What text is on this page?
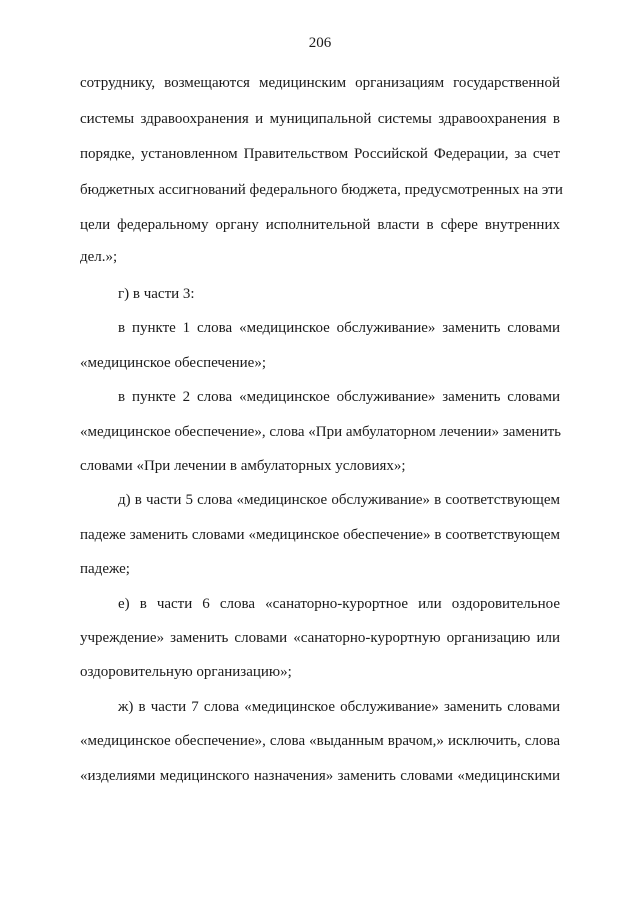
206
сотруднику, возмещаются медицинским организациям государственной
системы здравоохранения и муниципальной системы здравоохранения в
порядке, установленном Правительством Российской Федерации, за счет
бюджетных ассигнований федерального бюджета, предусмотренных на эти
цели федеральному органу исполнительной власти в сфере внутренних
дел.»;
г) в части 3:
в пункте 1 слова «медицинское обслуживание» заменить словами
«медицинское обеспечение»;
в пункте 2 слова «медицинское обслуживание» заменить словами
«медицинское обеспечение», слова «При амбулаторном лечении» заменить
словами «При лечении в амбулаторных условиях»;
д) в части 5 слова «медицинское обслуживание» в соответствующем
падеже заменить словами «медицинское обеспечение» в соответствующем
падеже;
е) в части 6 слова «санаторно-курортное или оздоровительное
учреждение» заменить словами «санаторно-курортную организацию или
оздоровительную организацию»;
ж) в части 7 слова «медицинское обслуживание» заменить словами
«медицинское обеспечение», слова «выданным врачом,» исключить, слова
«изделиями медицинского назначения» заменить словами «медицинскими
